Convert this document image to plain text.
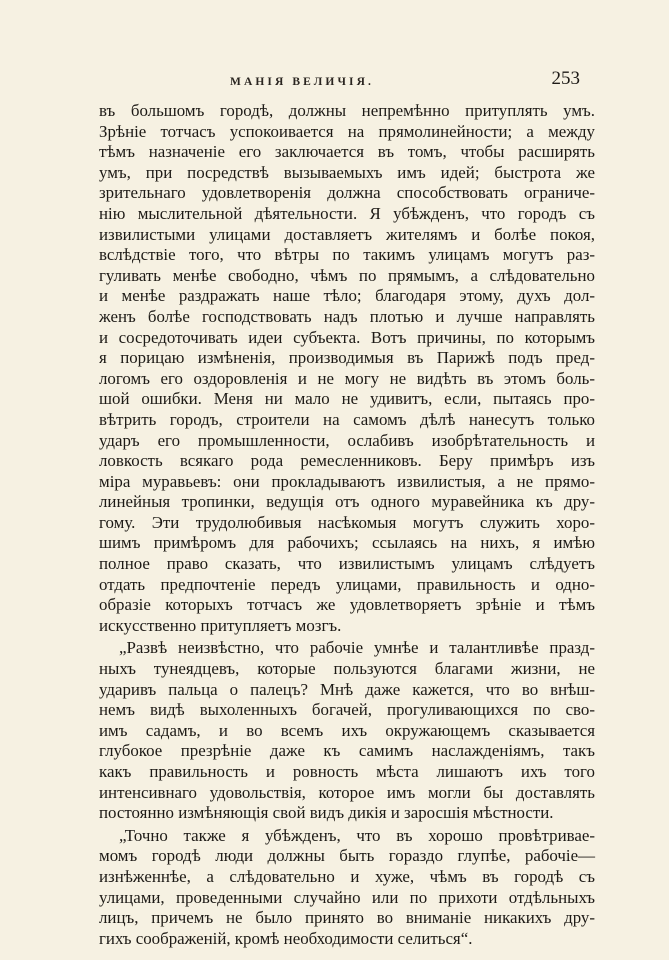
МАНІЯ ВЕЛИЧІЯ.	253
въ большомъ городѣ, должны непремѣнно притуплять умъ.
Зрѣніе тотчасъ успокоивается на прямолинейности; а между
тѣмъ назначеніе его заключается въ томъ, чтобы расширять
умъ, при посредствѣ вызываемыхъ имъ идей; быстрота же
зрительнаго удовлетворенія должна способствовать ограниче-
нію мыслительной дѣятельности. Я убѣжденъ, что городъ съ
извилистыми улицами доставляетъ жителямъ и болѣе покоя,
вслѣдствіе того, что вѣтры по такимъ улицамъ могутъ раз-
гуливать менѣе свободно, чѣмъ по прямымъ, а слѣдовательно
и менѣе раздражать наше тѣло; благодаря этому, духъ дол-
женъ болѣе господствовать надъ плотью и лучше направлять
и сосредоточивать идеи субъекта. Вотъ причины, по которымъ
я порицаю измѣненія, производимыя въ Парижѣ подъ пред-
логомъ его оздоровленія и не могу не видѣть въ этомъ боль-
шой ошибки. Меня ни мало не удивитъ, если, пытаясь про-
вѣтрить городъ, строители на самомъ дѣлѣ нанесутъ только
ударъ его промышленности, ослабивъ изобрѣтательность и
ловкость всякаго рода ремесленниковъ. Беру примѣръ изъ
міра муравьевъ: они прокладываютъ извилистыя, а не прямо-
линейныя тропинки, ведущія отъ одного муравейника къ дру-
гому. Эти трудолюбивыя насѣкомыя могутъ служить хоро-
шимъ примѣромъ для рабочихъ; ссылаясь на нихъ, я имѣю
полное право сказать, что извилистымъ улицамъ слѣдуетъ
отдать предпочтеніе передъ улицами, правильность и одно-
образіе которыхъ тотчасъ же удовлетворяетъ зрѣніе и тѣмъ
искусственно притупляетъ мозгъ.
„Развѣ неизвѣстно, что рабочіе умнѣе и талантливѣе празд-
ныхъ тунеядцевъ, которые пользуются благами жизни, не
ударивъ пальца о палецъ? Мнѣ даже кажется, что во внѣш-
немъ видѣ выхоленныхъ богачей, прогуливающихся по сво-
имъ садамъ, и во всемъ ихъ окружающемъ сказывается
глубокое презрѣніе даже къ самимъ наслажденіямъ, такъ
какъ правильность и ровность мѣста лишаютъ ихъ того
интенсивнаго удовольствія, которое имъ могли бы доставлять
постоянно измѣняющія свой видъ дикія и заросшія мѣстности.
„Точно также я убѣжденъ, что въ хорошо провѣтривае-
момъ городѣ люди должны быть гораздо глупѣе, рабочіе—
изнѣженнѣе, а слѣдовательно и хуже, чѣмъ въ городѣ съ
улицами, проведенными случайно или по прихоти отдѣльныхъ
лицъ, причемъ не было принято во вниманіе никакихъ дру-
гихъ соображеній, кромѣ необходимости селиться“.
